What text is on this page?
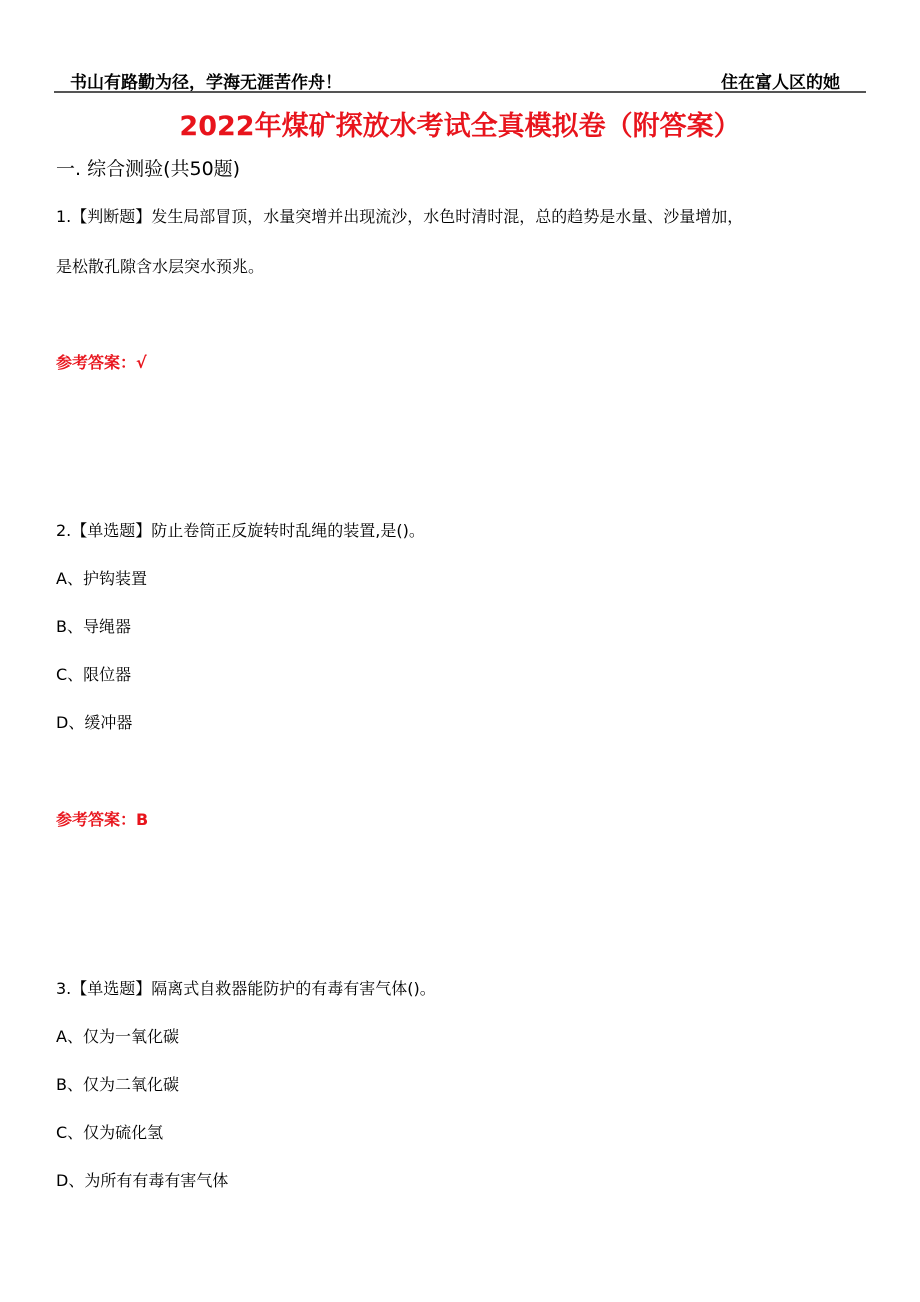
书山有路勤为径，学海无涯苦作舟！	住在富人区的她
2022年煤矿探放水考试全真模拟卷（附答案）
一. 综合测验(共50题)
1.【判断题】发生局部冒顶，水量突增并出现流沙，水色时清时混，总的趋势是水量、沙量增加，
是松散孔隙含水层突水预兆。
参考答案：√
2.【单选题】防止卷筒正反旋转时乱绳的装置,是()。
A、护钩装置
B、导绳器
C、限位器
D、缓冲器
参考答案：B
3.【单选题】隔离式自救器能防护的有毒有害气体()。
A、仅为一氧化碳
B、仅为二氧化碳
C、仅为硫化氢
D、为所有有毒有害气体
